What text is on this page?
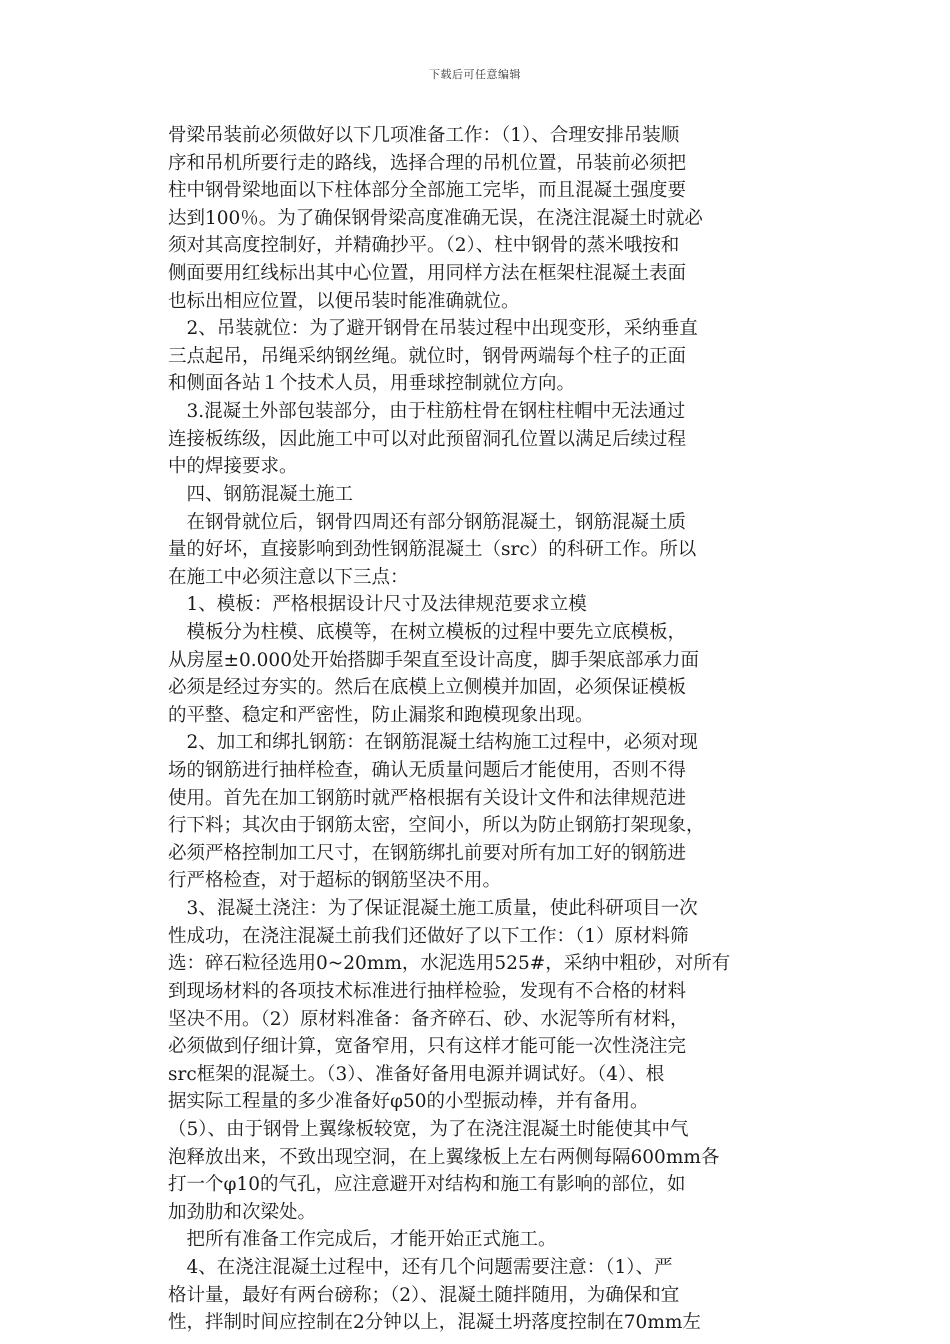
下载后可任意编辑
骨梁吊装前必须做好以下几项准备工作：（1）、合理安排吊装顺
序和吊机所要行走的路线，选择合理的吊机位置，吊装前必须把
柱中钢骨梁地面以下柱体部分全部施工完毕，而且混凝土强度要
达到100％。为了确保钢骨梁高度准确无误，在浇注混凝土时就必
须对其高度控制好，并精确抄平。（2）、柱中钢骨的蒸米哦按和
侧面要用红线标出其中心位置，用同样方法在框架柱混凝土表面
也标出相应位置，以便吊装时能准确就位。
　2、吊装就位：为了避开钢骨在吊装过程中出现变形，采纳垂直
三点起吊，吊绳采纳钢丝绳。就位时，钢骨两端每个柱子的正面
和侧面各站１个技术人员，用垂球控制就位方向。
　3.混凝土外部包装部分，由于柱筋柱骨在钢柱柱帽中无法通过
连接板练级，因此施工中可以对此预留洞孔位置以满足后续过程
中的焊接要求。
　四、钢筋混凝土施工
　在钢骨就位后，钢骨四周还有部分钢筋混凝土，钢筋混凝土质
量的好坏，直接影响到劲性钢筋混凝土（src）的科研工作。所以
在施工中必须注意以下三点：
　1、模板：严格根据设计尺寸及法律规范要求立模
　模板分为柱模、底模等，在树立模板的过程中要先立底模板，
从房屋±0.000处开始搭脚手架直至设计高度，脚手架底部承力面
必须是经过夯实的。然后在底模上立侧模并加固，必须保证模板
的平整、稳定和严密性，防止漏浆和跑模现象出现。
　2、加工和绑扎钢筋：在钢筋混凝土结构施工过程中，必须对现
场的钢筋进行抽样检查，确认无质量问题后才能使用，否则不得
使用。首先在加工钢筋时就严格根据有关设计文件和法律规范进
行下料；其次由于钢筋太密，空间小，所以为防止钢筋打架现象，
必须严格控制加工尺寸，在钢筋绑扎前要对所有加工好的钢筋进
行严格检查，对于超标的钢筋坚决不用。
　3、混凝土浇注：为了保证混凝土施工质量，使此科研项目一次
性成功，在浇注混凝土前我们还做好了以下工作：（1）原材料筛
选：碎石粒径选用0~20mm，水泥选用525#，采纳中粗砂，对所有
到现场材料的各项技术标准进行抽样检验，发现有不合格的材料
坚决不用。（2）原材料准备：备齐碎石、砂、水泥等所有材料，
必须做到仔细计算，宽备窄用，只有这样才能可能一次性浇注完
src框架的混凝土。（3）、准备好备用电源并调试好。（4）、根
据实际工程量的多少准备好φ50的小型振动棒，并有备用。
（5）、由于钢骨上翼缘板较宽，为了在浇注混凝土时能使其中气
泡释放出来，不致出现空洞，在上翼缘板上左右两侧每隔600mm各
打一个φ10的气孔，应注意避开对结构和施工有影响的部位，如
加劲肋和次梁处。
　把所有准备工作完成后，才能开始正式施工。
　4、在浇注混凝土过程中，还有几个问题需要注意：（1）、严
格计量，最好有两台磅称；（2）、混凝土随拌随用，为确保和宜
性，拌制时间应控制在2分钟以上，混凝土坍落度控制在70mm左
